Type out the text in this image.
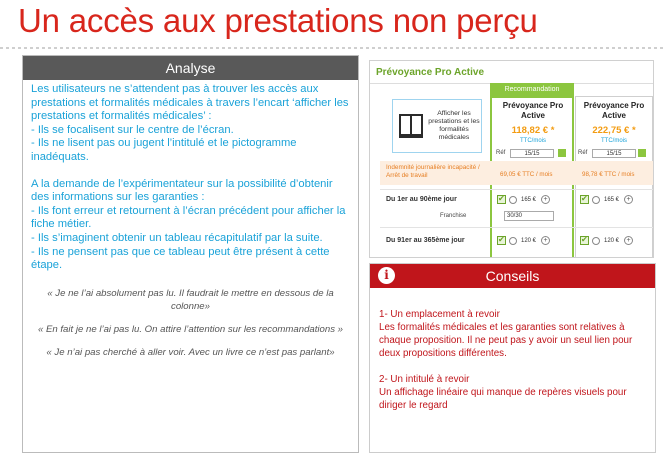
Un accès aux prestations non perçu
Analyse

Les utilisateurs ne s’attendent pas à trouver les accès aux prestations et formalités médicales à travers l’encart ‘afficher les prestations et formalités médicales’ :

- Ils se focalisent sur le centre de l’écran.

- Ils ne lisent pas ou jugent l’intitulé et le pictogramme inadéquats.

A la demande de l’expérimentateur sur la possibilité d’obtenir des informations sur les garanties :

- Ils font erreur et retournent à l’écran précédent pour afficher la fiche métier.

- Ils s’imaginent obtenir un tableau récapitulatif par la suite.

- Ils ne pensent pas que ce tableau peut être présent à cette étape.

« Je ne l’ai absolument pas lu. Il faudrait le mettre en dessous de la colonne»

« En fait je ne l’ai pas lu. On attire l’attention sur les recommandations »

« Je n’ai pas cherché à aller voir. Avec un livre ce n’est pas parlant»

Prévoyance Pro Active
Recommandation
Afficher les prestations et les formalités médicales
Prévoyance Pro Active
118,82 € *
TTC/mois
Réf	15/15
Prévoyance Pro Active
222,75 € *
TTC/mois
Réf	15/15
Indemnité journalière incapacité / Arrêt de travail	69,05 € TTC / mois	98,78 € TTC / mois
Du 1er au 90ème jour ✔	165 €	+ ✔	165 €	+
Franchise	30/30
Du 91er au 365ème jour ✔	120 €	+ ✔	120 €	+
i	Conseils

1- Un emplacement à revoir

Les formalités médicales et les garanties sont relatives à chaque proposition. Il ne peut pas y avoir un seul lien pour deux propositions différentes.

2- Un intitulé à revoir

Un affichage linéaire qui manque de repères visuels pour diriger le regard
